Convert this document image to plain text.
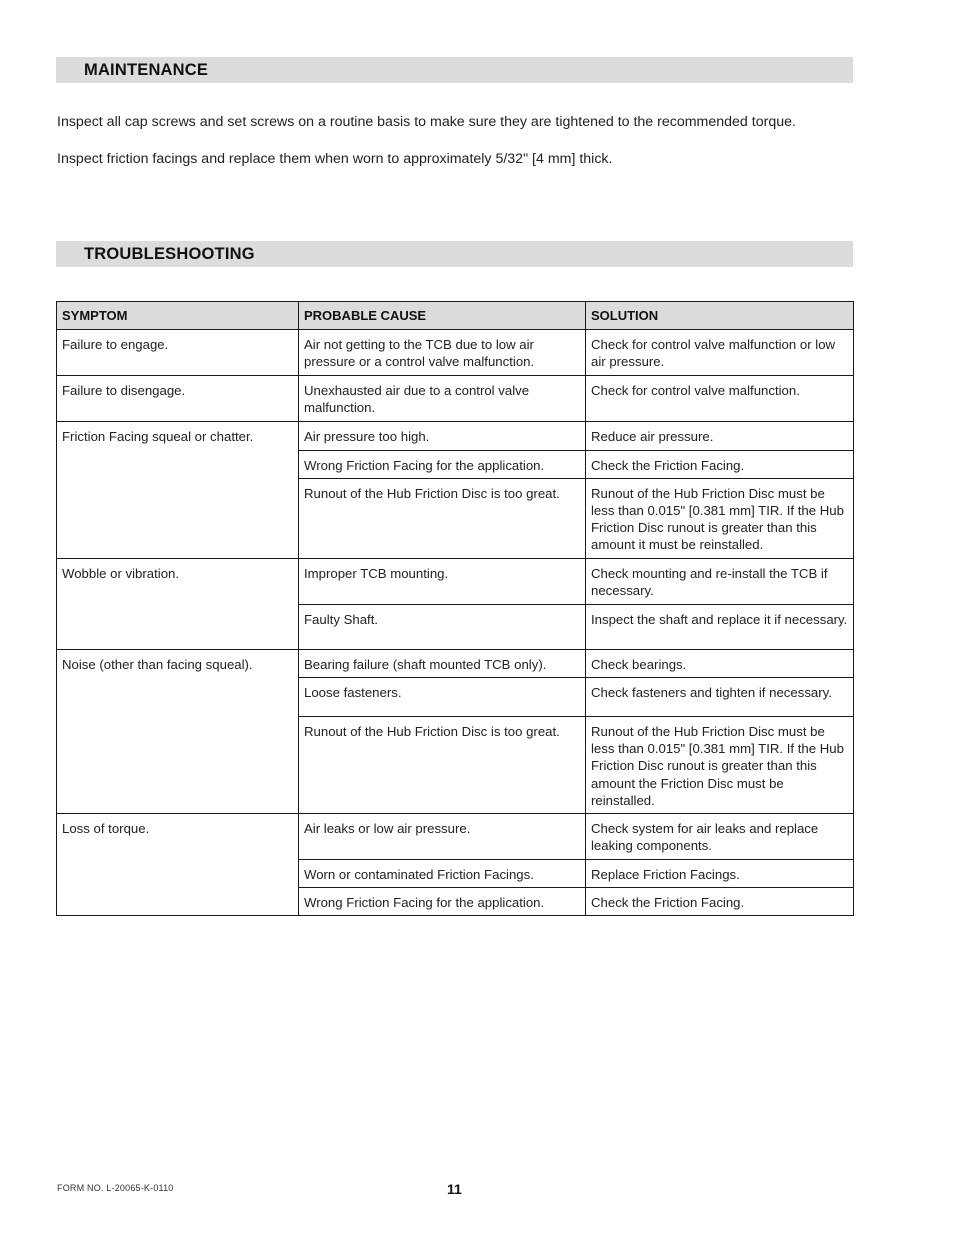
MAINTENANCE
Inspect all cap screws and set screws on a routine basis to make sure they are tightened to the recommended torque.
Inspect friction facings and replace them when worn to approximately 5/32" [4 mm] thick.
TROUBLESHOOTING
SYMPTOM	PROBABLE CAUSE	SOLUTION
Failure to engage.	Air not getting to the TCB due to low air pressure or a control valve malfunction.	Check for control valve malfunction or low air pressure.
Failure to disengage.	Unexhausted air due to a control valve malfunction.	Check for control valve malfunction.
Friction Facing squeal or chatter.	Air pressure too high.	Reduce air pressure.
	Wrong Friction Facing for the application.	Check the Friction Facing.
	Runout of the Hub Friction Disc is too great.	Runout of the Hub Friction Disc must be less than 0.015" [0.381 mm] TIR. If the Hub Friction Disc runout is greater than this amount it must be reinstalled.
Wobble or vibration.	Improper TCB mounting.	Check mounting and re-install the TCB if necessary.
	Faulty Shaft.	Inspect the shaft and replace it if necessary.
Noise (other than facing squeal).	Bearing failure (shaft mounted TCB only).	Check bearings.
	Loose fasteners.	Check fasteners and tighten if necessary.
	Runout of the Hub Friction Disc is too great.	Runout of the Hub Friction Disc must be less than 0.015" [0.381 mm] TIR. If the Hub Friction Disc runout is greater than this amount the Friction Disc must be reinstalled.
Loss of torque.	Air leaks or low air pressure.	Check system for air leaks and replace leaking components.
	Worn or contaminated Friction Facings.	Replace Friction Facings.
	Wrong Friction Facing for the application.	Check the Friction Facing.
FORM NO. L-20065-K-0110	11
